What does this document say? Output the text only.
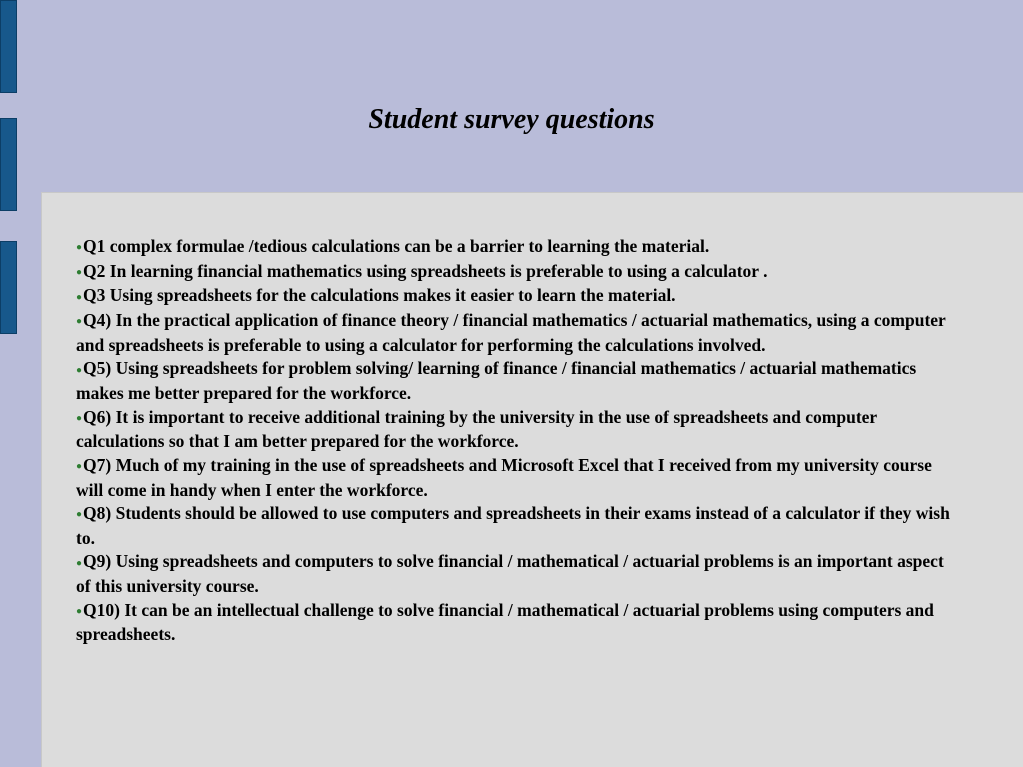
Student survey questions
●Q1 complex formulae /tedious calculations can be a barrier to learning the material.
●Q2 In learning financial mathematics using spreadsheets is preferable to using a calculator .
●Q3 Using spreadsheets for the calculations makes it easier to learn the material.
●Q4) In the practical application of finance theory / financial mathematics / actuarial mathematics, using a computer and spreadsheets is preferable to using a calculator for performing the calculations involved.
●Q5) Using spreadsheets for problem solving/ learning of finance / financial mathematics / actuarial mathematics makes me better prepared for the workforce.
●Q6) It is important to receive additional training by the university in the use of spreadsheets and computer calculations so that I am better prepared for the workforce.
●Q7) Much of my training in the use of spreadsheets and Microsoft Excel that I received from my university course will come in handy when I enter the workforce.
●Q8) Students should be allowed to use computers and spreadsheets in their exams instead of a calculator if they wish to.
●Q9) Using spreadsheets and computers to solve financial / mathematical / actuarial problems is an important aspect of this university course.
●Q10) It can be an intellectual challenge to solve financial / mathematical / actuarial problems using computers and spreadsheets.
